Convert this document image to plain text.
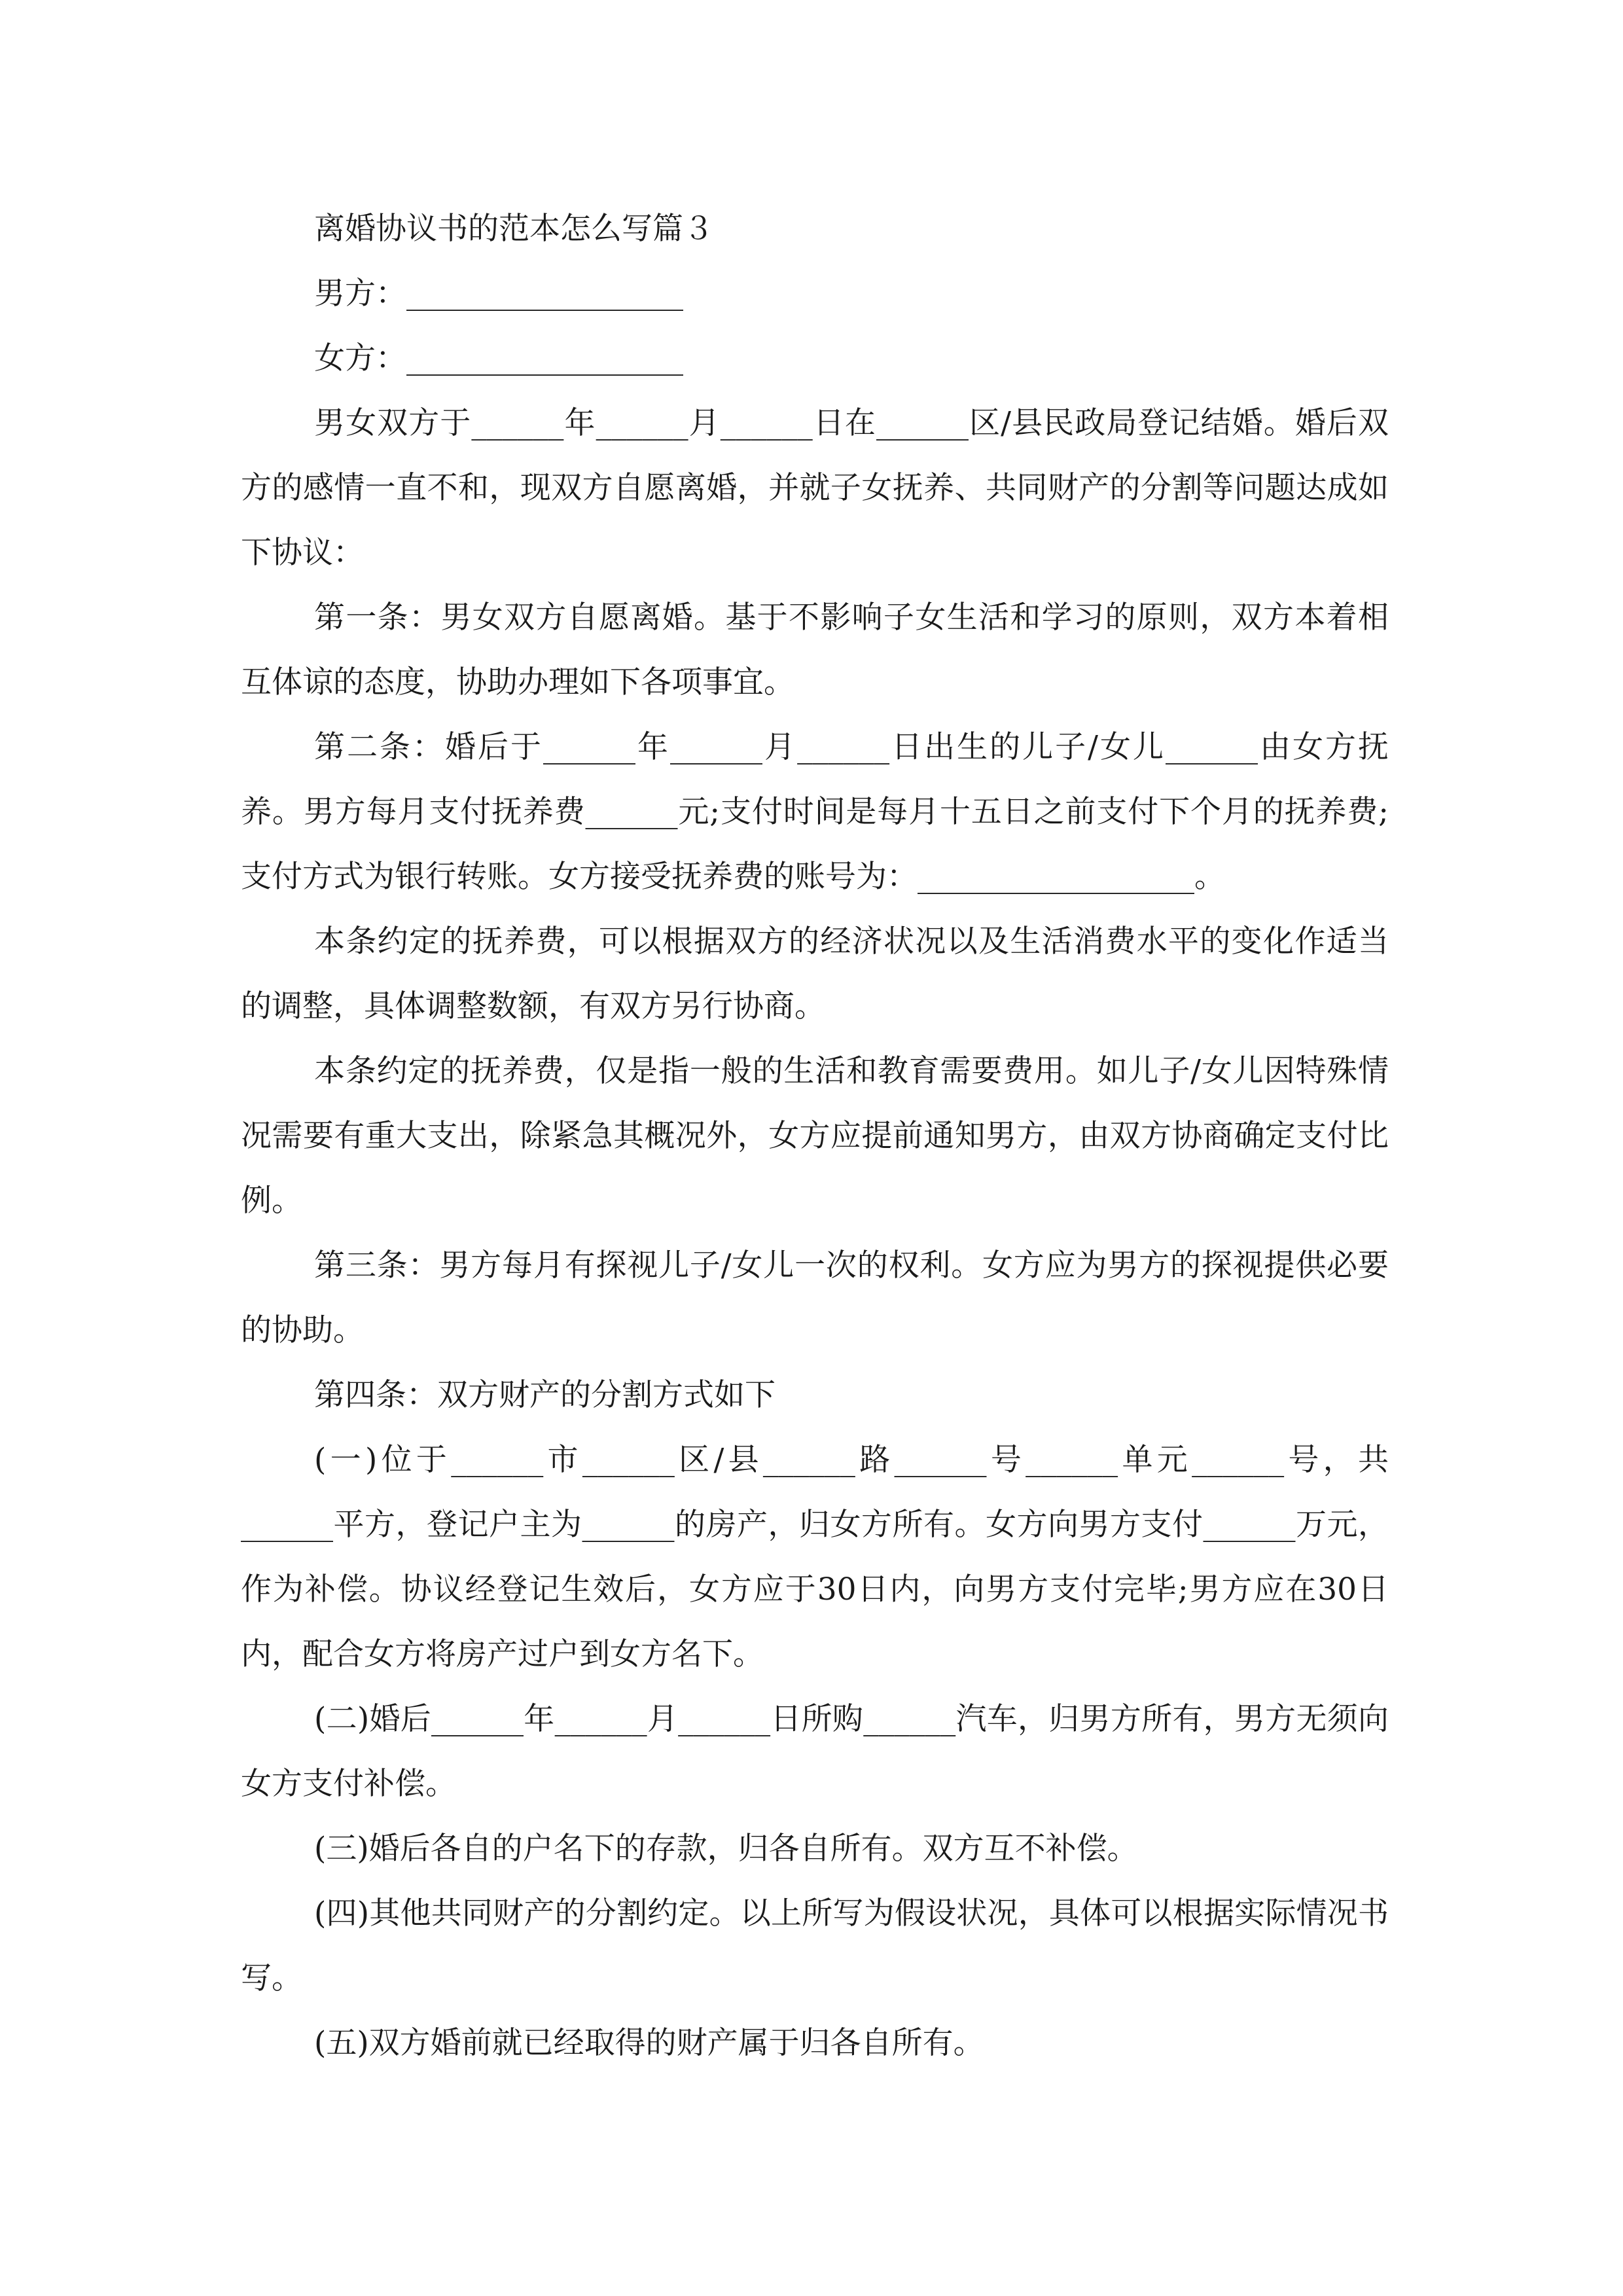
离婚协议书的范本怎么写篇３

男方：__________________

女方：__________________

男女双方于______年______月______日在______区/县民政局登记结婚。婚后双方的感情一直不和，现双方自愿离婚，并就子女抚养、共同财产的分割等问题达成如下协议：

第一条：男女双方自愿离婚。基于不影响子女生活和学习的原则，双方本着相互体谅的态度，协助办理如下各项事宜。

第二条：婚后于______年______月______日出生的儿子/女儿______由女方抚养。男方每月支付抚养费______元;支付时间是每月十五日之前支付下个月的抚养费;支付方式为银行转账。女方接受抚养费的账号为：__________________。

本条约定的抚养费，可以根据双方的经济状况以及生活消费水平的变化作适当的调整，具体调整数额，有双方另行协商。

本条约定的抚养费，仅是指一般的生活和教育需要费用。如儿子/女儿因特殊情况需要有重大支出，除紧急其概况外，女方应提前通知男方，由双方协商确定支付比例。

第三条：男方每月有探视儿子/女儿一次的权利。女方应为男方的探视提供必要的协助。

第四条：双方财产的分割方式如下

(一)位于______市______区/县______路______号______单元______号，共______平方，登记户主为______的房产，归女方所有。女方向男方支付______万元，作为补偿。协议经登记生效后，女方应于30日内，向男方支付完毕;男方应在30日内，配合女方将房产过户到女方名下。

(二)婚后______年______月______日所购______汽车，归男方所有，男方无须向女方支付补偿。

(三)婚后各自的户名下的存款，归各自所有。双方互不补偿。

(四)其他共同财产的分割约定。以上所写为假设状况，具体可以根据实际情况书写。

(五)双方婚前就已经取得的财产属于归各自所有。
